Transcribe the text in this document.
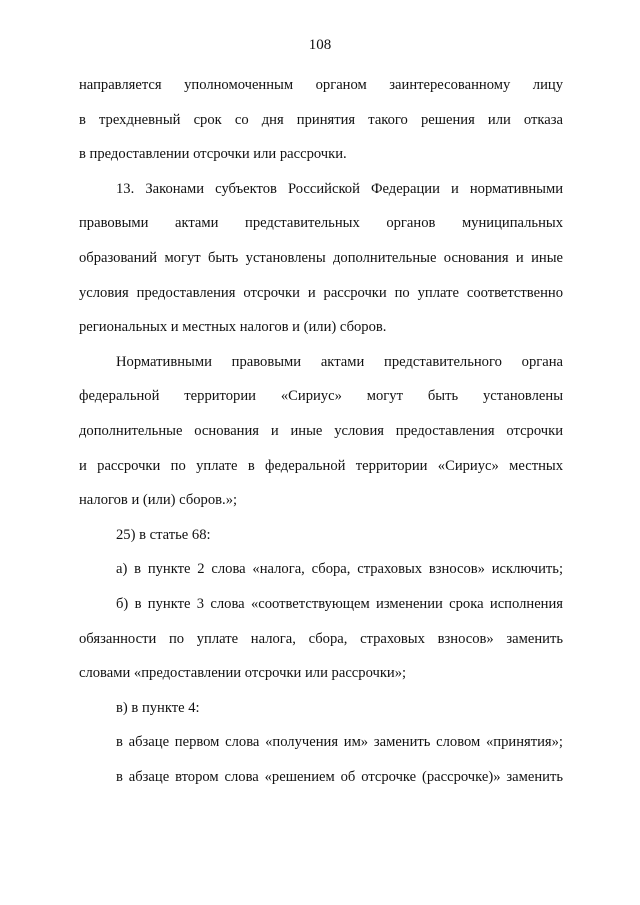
108
направляется уполномоченным органом заинтересованному лицу
в трехдневный срок со дня принятия такого решения или отказа
в предоставлении отсрочки или рассрочки.
13. Законами субъектов Российской Федерации и нормативными
правовыми актами представительных органов муниципальных
образований могут быть установлены дополнительные основания и иные
условия предоставления отсрочки и рассрочки по уплате соответственно
региональных и местных налогов и (или) сборов.
Нормативными правовыми актами представительного органа
федеральной территории «Сириус» могут быть установлены
дополнительные основания и иные условия предоставления отсрочки
и рассрочки по уплате в федеральной территории «Сириус» местных
налогов и (или) сборов.»;
25) в статье 68:
а) в пункте 2 слова «налога, сбора, страховых взносов» исключить;
б) в пункте 3 слова «соответствующем изменении срока исполнения
обязанности по уплате налога, сбора, страховых взносов» заменить
словами «предоставлении отсрочки или рассрочки»;
в) в пункте 4:
в абзаце первом слова «получения им» заменить словом «принятия»;
в абзаце втором слова «решением об отсрочке (рассрочке)» заменить
